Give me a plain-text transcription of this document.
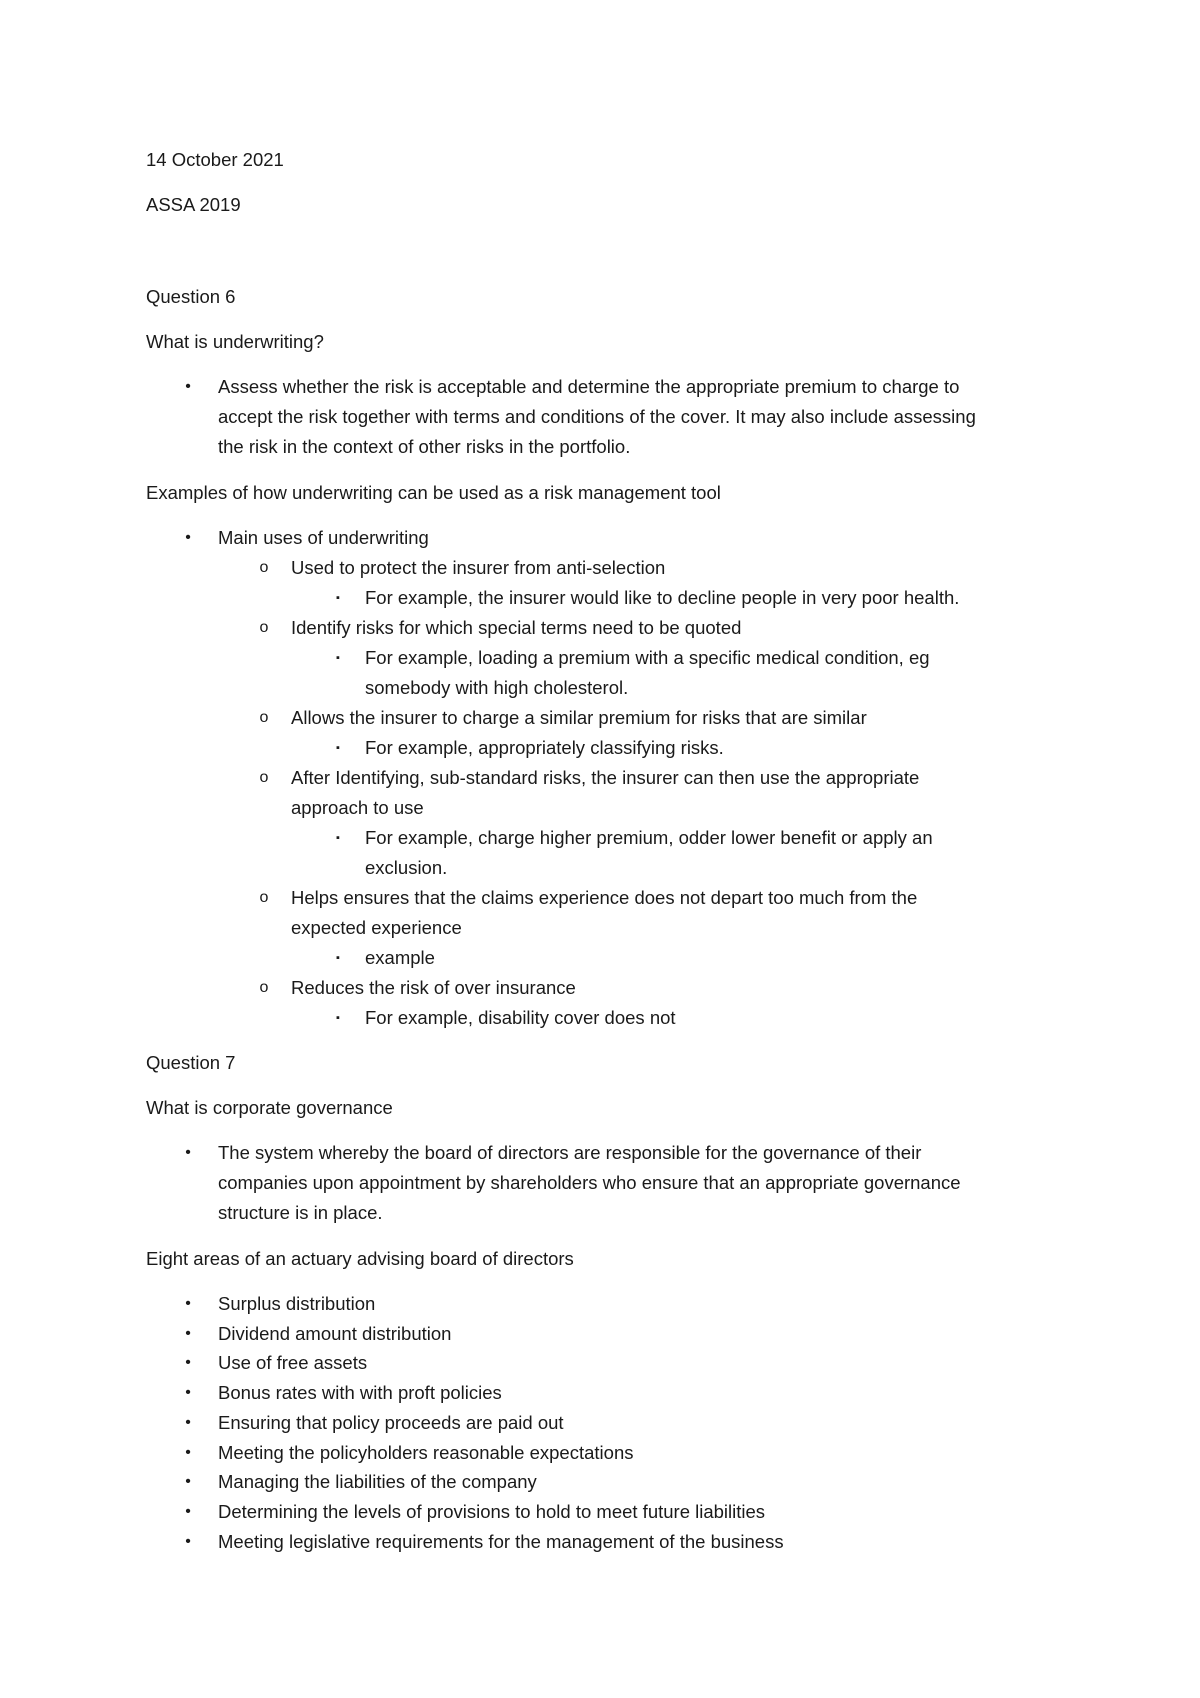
14 October 2021
ASSA 2019
Question 6
What is underwriting?
• Assess whether the risk is acceptable and determine the appropriate premium to charge to
accept the risk together with terms and conditions of the cover. It may also include assessing
the risk in the context of other risks in the portfolio.
Examples of how underwriting can be used as a risk management tool
• Main uses of underwriting
o Used to protect the insurer from anti-selection
▪	For example, the insurer would like to decline people in very poor health.
o Identify risks for which special terms need to be quoted
▪	For example, loading a premium with a specific medical condition, eg
somebody with high cholesterol.
o Allows the insurer to charge a similar premium for risks that are similar
▪	For example, appropriately classifying risks.
o After Identifying, sub-standard risks, the insurer can then use the appropriate
approach to use
▪	For example, charge higher premium, odder lower benefit or apply an
exclusion.
o Helps ensures that the claims experience does not depart too much from the
expected experience
▪	example
o Reduces the risk of over insurance
▪	For example, disability cover does not
Question 7
What is corporate governance
• The system whereby the board of directors are responsible for the governance of their
companies upon appointment by shareholders who ensure that an appropriate governance
structure is in place.
Eight areas of an actuary advising board of directors
• Surplus distribution
• Dividend amount distribution
• Use of free assets
• Bonus rates with with proft policies
• Ensuring that policy proceeds are paid out
• Meeting the policyholders reasonable expectations
• Managing the liabilities of the company
• Determining the levels of provisions to hold to meet future liabilities
• Meeting legislative requirements for the management of the business
